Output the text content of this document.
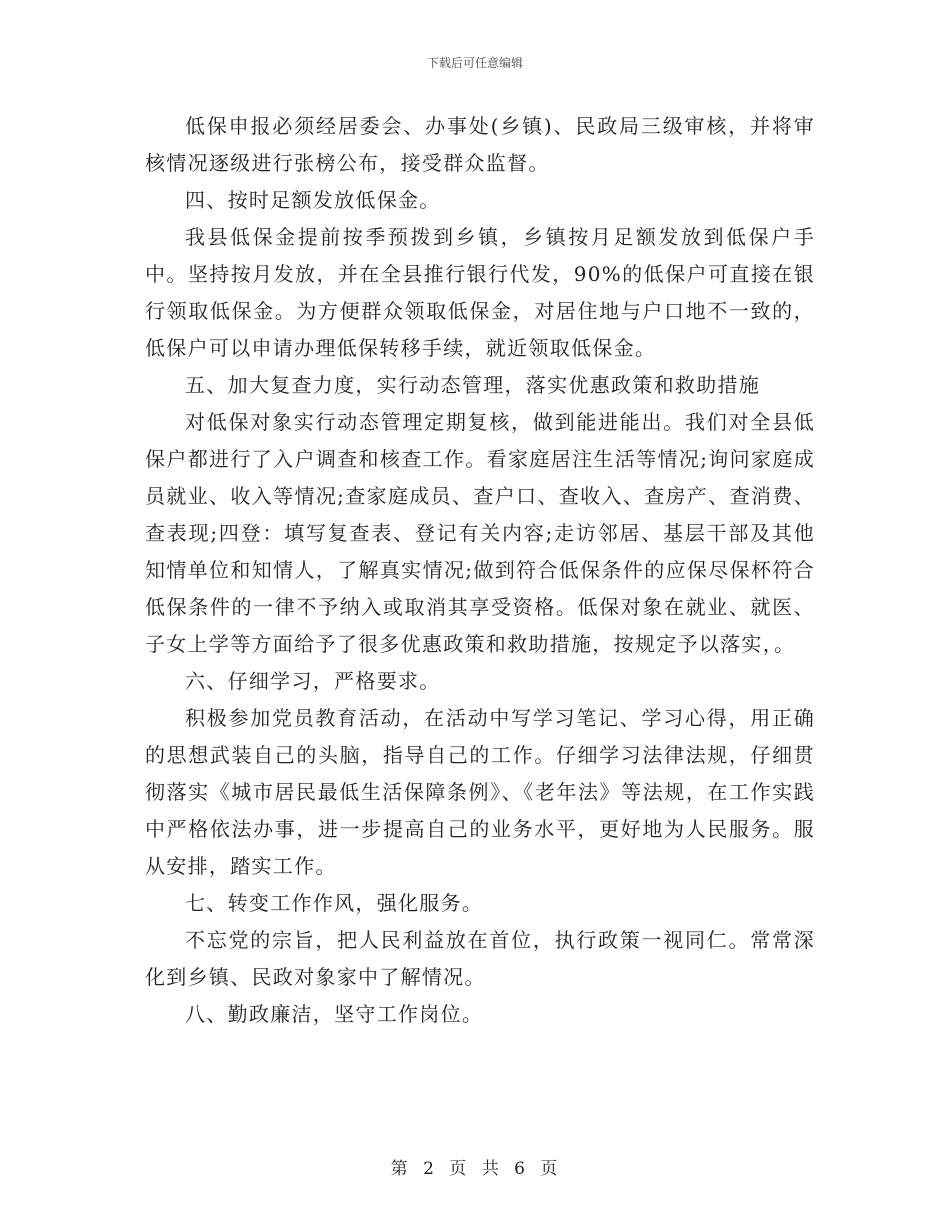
下载后可任意编辑

低保申报必须经居委会、办事处(乡镇)、民政局三级审核，并将审核情况逐级进行张榜公布，接受群众监督。

四、按时足额发放低保金。

我县低保金提前按季预拨到乡镇，乡镇按月足额发放到低保户手中。坚持按月发放，并在全县推行银行代发，90%的低保户可直接在银行领取低保金。为方便群众领取低保金，对居住地与户口地不一致的，低保户可以申请办理低保转移手续，就近领取低保金。

五、加大复查力度，实行动态管理，落实优惠政策和救助措施

对低保对象实行动态管理定期复核，做到能进能出。我们对全县低保户都进行了入户调查和核查工作。看家庭居注生活等情况;询问家庭成员就业、收入等情况;查家庭成员、查户口、查收入、查房产、查消费、查表现;四登：填写复查表、登记有关内容;走访邻居、基层干部及其他知情单位和知情人，了解真实情况;做到符合低保条件的应保尽保杯符合低保条件的一律不予纳入或取消其享受资格。低保对象在就业、就医、子女上学等方面给予了很多优惠政策和救助措施，按规定予以落实，。

六、仔细学习，严格要求。

积极参加党员教育活动，在活动中写学习笔记、学习心得，用正确的思想武装自己的头脑，指导自己的工作。仔细学习法律法规，仔细贯彻落实《城市居民最低生活保障条例》、《老年法》等法规，在工作实践中严格依法办事，进一步提高自己的业务水平，更好地为人民服务。服从安排，踏实工作。

七、转变工作作风，强化服务。

不忘党的宗旨，把人民利益放在首位，执行政策一视同仁。常常深化到乡镇、民政对象家中了解情况。

八、勤政廉洁，坚守工作岗位。

第 2 页 共 6 页
